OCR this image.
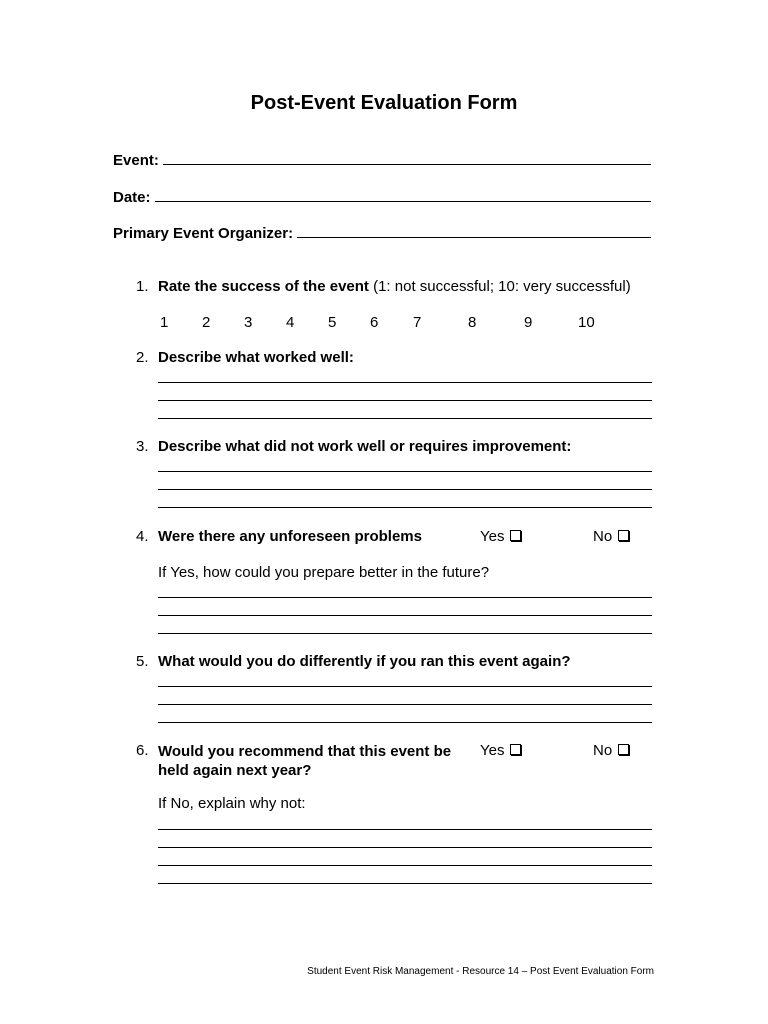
Post-Event Evaluation Form
Event:
Date:
Primary Event Organizer:
1. Rate the success of the event (1: not successful; 10: very successful)
1 2 3 4 5 6 7	8	9	10
2. Describe what worked well:
3. Describe what did not work well or requires improvement:
4. Were there any unforeseen problems	Yes	No
If Yes, how could you prepare better in the future?
5. What would you do differently if you ran this event again?
6. Would you recommend that this event be
held again next year?
Yes	No
If No, explain why not:
Student Event Risk Management - Resource 14 – Post Event Evaluation Form
